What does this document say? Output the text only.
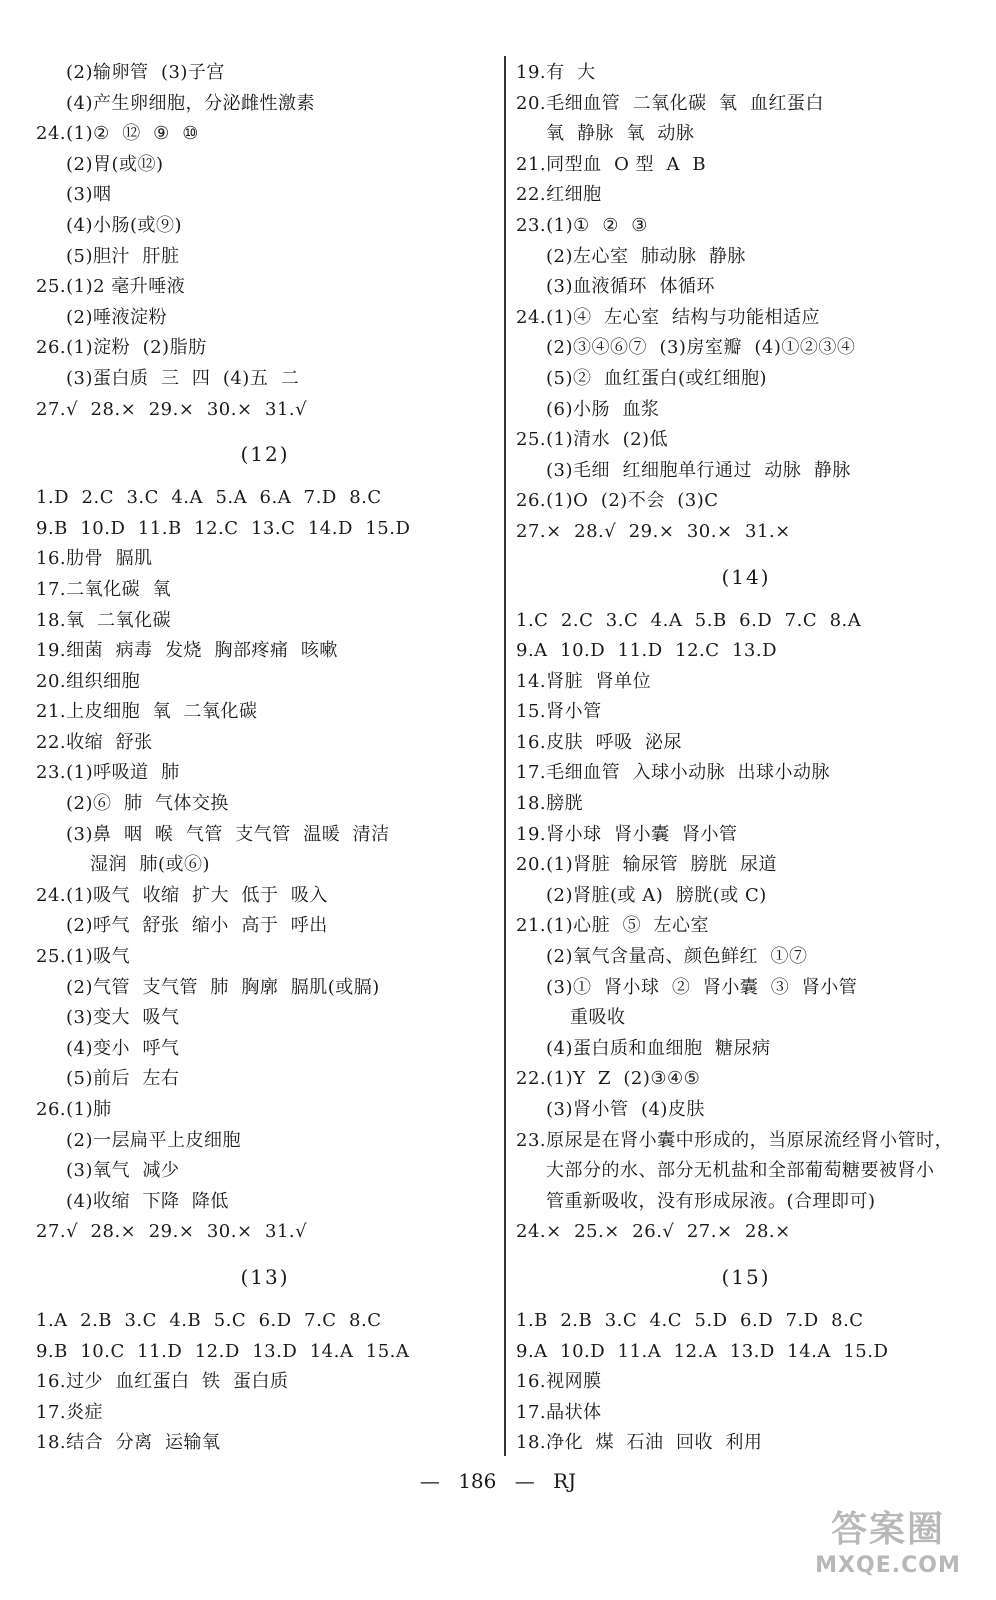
(2)输卵管  (3)子宫
(4)产生卵细胞，分泌雌性激素
24.(1)②  ⑫  ⑨  ⑩
(2)胃(或⑫)
(3)咽
(4)小肠(或⑨)
(5)胆汁  肝脏
25.(1)2 毫升唾液
(2)唾液淀粉
26.(1)淀粉  (2)脂肪
(3)蛋白质  三  四  (4)五  二
27.√  28.×  29.×  30.×  31.√
(12)
1.D  2.C  3.C  4.A  5.A  6.A  7.D  8.C
9.B  10.D  11.B  12.C  13.C  14.D  15.D
16.肋骨  膈肌
17.二氧化碳  氧
18.氧  二氧化碳
19.细菌  病毒  发烧  胸部疼痛  咳嗽
20.组织细胞
21.上皮细胞  氧  二氧化碳
22.收缩  舒张
23.(1)呼吸道  肺
(2)⑥  肺  气体交换
(3)鼻  咽  喉  气管  支气管  温暖  清洁
湿润  肺(或⑥)
24.(1)吸气  收缩  扩大  低于  吸入
(2)呼气  舒张  缩小  高于  呼出
25.(1)吸气
(2)气管  支气管  肺  胸廓  膈肌(或膈)
(3)变大  吸气
(4)变小  呼气
(5)前后  左右
26.(1)肺
(2)一层扁平上皮细胞
(3)氧气  减少
(4)收缩  下降  降低
27.√  28.×  29.×  30.×  31.√
(13)
1.A  2.B  3.C  4.B  5.C  6.D  7.C  8.C
9.B  10.C  11.D  12.D  13.D  14.A  15.A
16.过少  血红蛋白  铁  蛋白质
17.炎症
18.结合  分离  运输氧
19.有  大
20.毛细血管  二氧化碳  氧  血红蛋白
氧  静脉  氧  动脉
21.同型血  O 型  A  B
22.红细胞
23.(1)①  ②  ③
(2)左心室  肺动脉  静脉
(3)血液循环  体循环
24.(1)④  左心室  结构与功能相适应
(2)③④⑥⑦  (3)房室瓣  (4)①②③④
(5)②  血红蛋白(或红细胞)
(6)小肠  血浆
25.(1)清水  (2)低
(3)毛细  红细胞单行通过  动脉  静脉
26.(1)O  (2)不会  (3)C
27.×  28.√  29.×  30.×  31.×
(14)
1.C  2.C  3.C  4.A  5.B  6.D  7.C  8.A
9.A  10.D  11.D  12.C  13.D
14.肾脏  肾单位
15.肾小管
16.皮肤  呼吸  泌尿
17.毛细血管  入球小动脉  出球小动脉
18.膀胱
19.肾小球  肾小囊  肾小管
20.(1)肾脏  输尿管  膀胱  尿道
(2)肾脏(或 A)  膀胱(或 C)
21.(1)心脏  ⑤  左心室
(2)氧气含量高、颜色鲜红  ①⑦
(3)①  肾小球  ②  肾小囊  ③  肾小管
重吸收
(4)蛋白质和血细胞  糖尿病
22.(1)Y  Z  (2)③④⑤
(3)肾小管  (4)皮肤
23.原尿是在肾小囊中形成的，当原尿流经肾小管时，
大部分的水、部分无机盐和全部葡萄糖要被肾小
管重新吸收，没有形成尿液。(合理即可)
24.×  25.×  26.√  27.×  28.×
(15)
1.B  2.B  3.C  4.C  5.D  6.D  7.D  8.C
9.A  10.D  11.A  12.A  13.D  14.A  15.D
16.视网膜
17.晶状体
18.净化  煤  石油  回收  利用
— 186 — RJ
答案圈
MXQE.COM
